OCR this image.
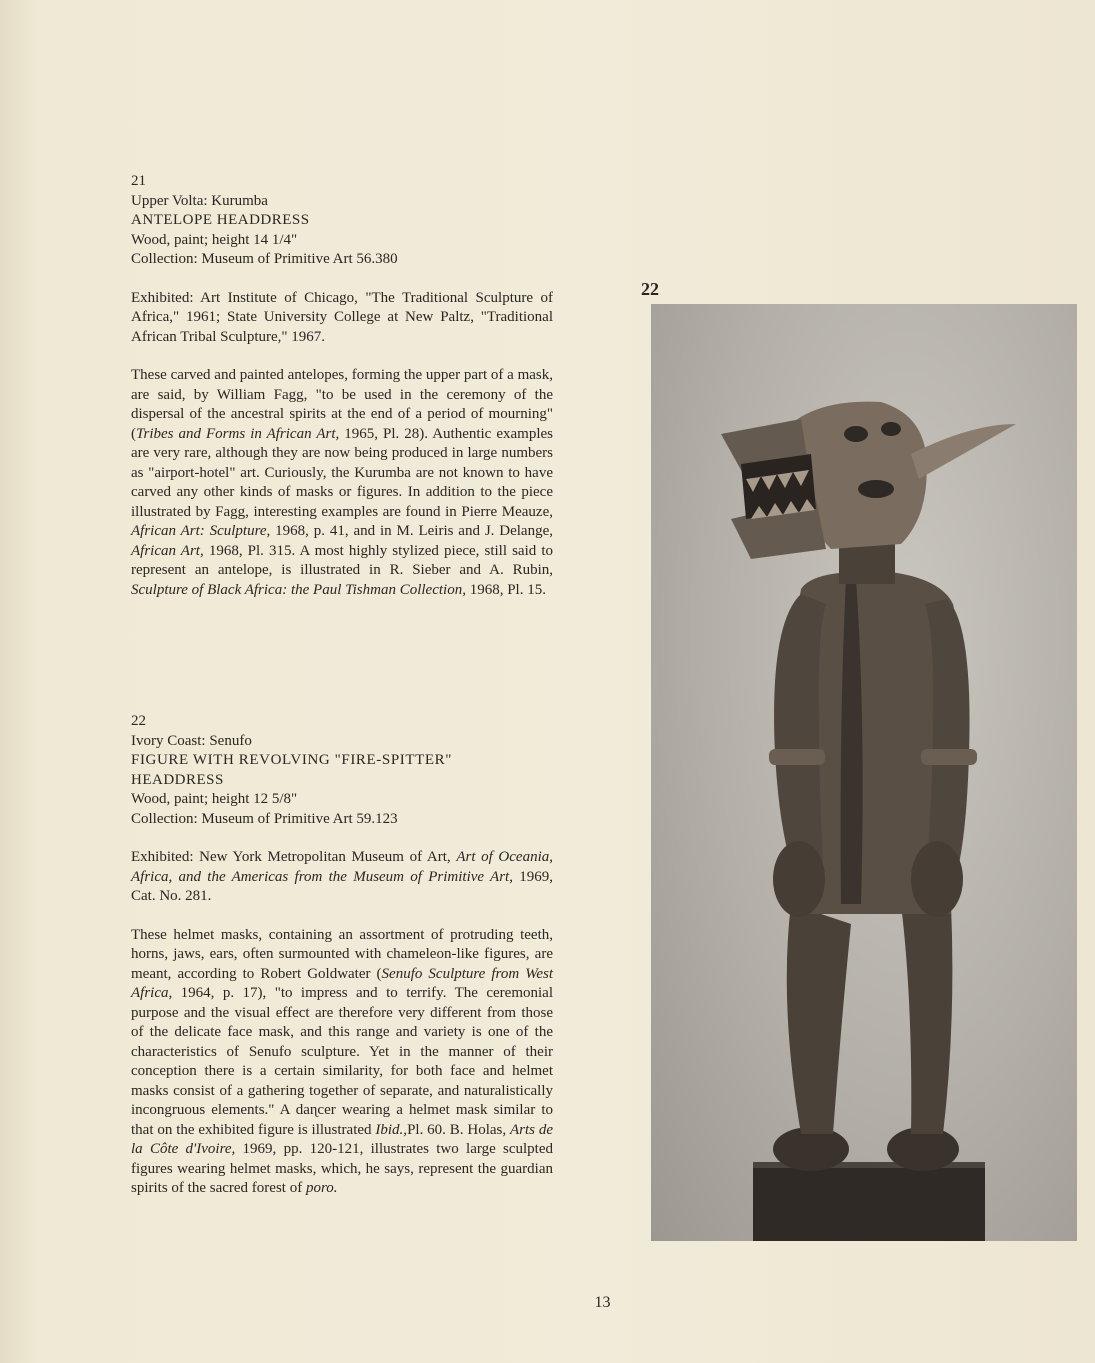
21
Upper Volta: Kurumba
ANTELOPE HEADDRESS
Wood, paint; height 14 1/4"
Collection: Museum of Primitive Art 56.380

Exhibited: Art Institute of Chicago, "The Traditional Sculpture of Africa," 1961; State University College at New Paltz, "Traditional African Tribal Sculpture," 1967.

These carved and painted antelopes, forming the upper part of a mask, are said, by William Fagg, "to be used in the ceremony of the dispersal of the ancestral spirits at the end of a period of mourning" (Tribes and Forms in African Art, 1965, Pl. 28). Authentic examples are very rare, although they are now being produced in large numbers as "airport-hotel" art. Curiously, the Kurumba are not known to have carved any other kinds of masks or figures. In addition to the piece illustrated by Fagg, interesting examples are found in Pierre Meauze, African Art: Sculpture, 1968, p. 41, and in M. Leiris and J. Delange, African Art, 1968, Pl. 315. A most highly stylized piece, still said to represent an antelope, is illustrated in R. Sieber and A. Rubin, Sculpture of Black Africa: the Paul Tishman Collection, 1968, Pl. 15.

22
Ivory Coast: Senufo
FIGURE WITH REVOLVING "FIRE-SPITTER"
HEADDRESS
Wood, paint; height 12 5/8"
Collection: Museum of Primitive Art 59.123

Exhibited: New York Metropolitan Museum of Art, Art of Oceania, Africa, and the Americas from the Museum of Primitive Art, 1969, Cat. No. 281.

These helmet masks, containing an assortment of protruding teeth, horns, jaws, ears, often surmounted with chameleon-like figures, are meant, according to Robert Goldwater (Senufo Sculpture from West Africa, 1964, p. 17), "to impress and to terrify. The ceremonial purpose and the visual effect are therefore very different from those of the delicate face mask, and this range and variety is one of the characteristics of Senufo sculpture. Yet in the manner of their conception there is a certain similarity, for both face and helmet masks consist of a gathering together of separate, and naturalistically incongruous elements." A daɳcer wearing a helmet mask similar to that on the exhibited figure is illustrated Ibid.,Pl. 60. B. Holas, Arts de la Côte d'Ivoire, 1969, pp. 120-121, illustrates two large sculpted figures wearing helmet masks, which, he says, represent the guardian spirits of the sacred forest of poro.

22
13
